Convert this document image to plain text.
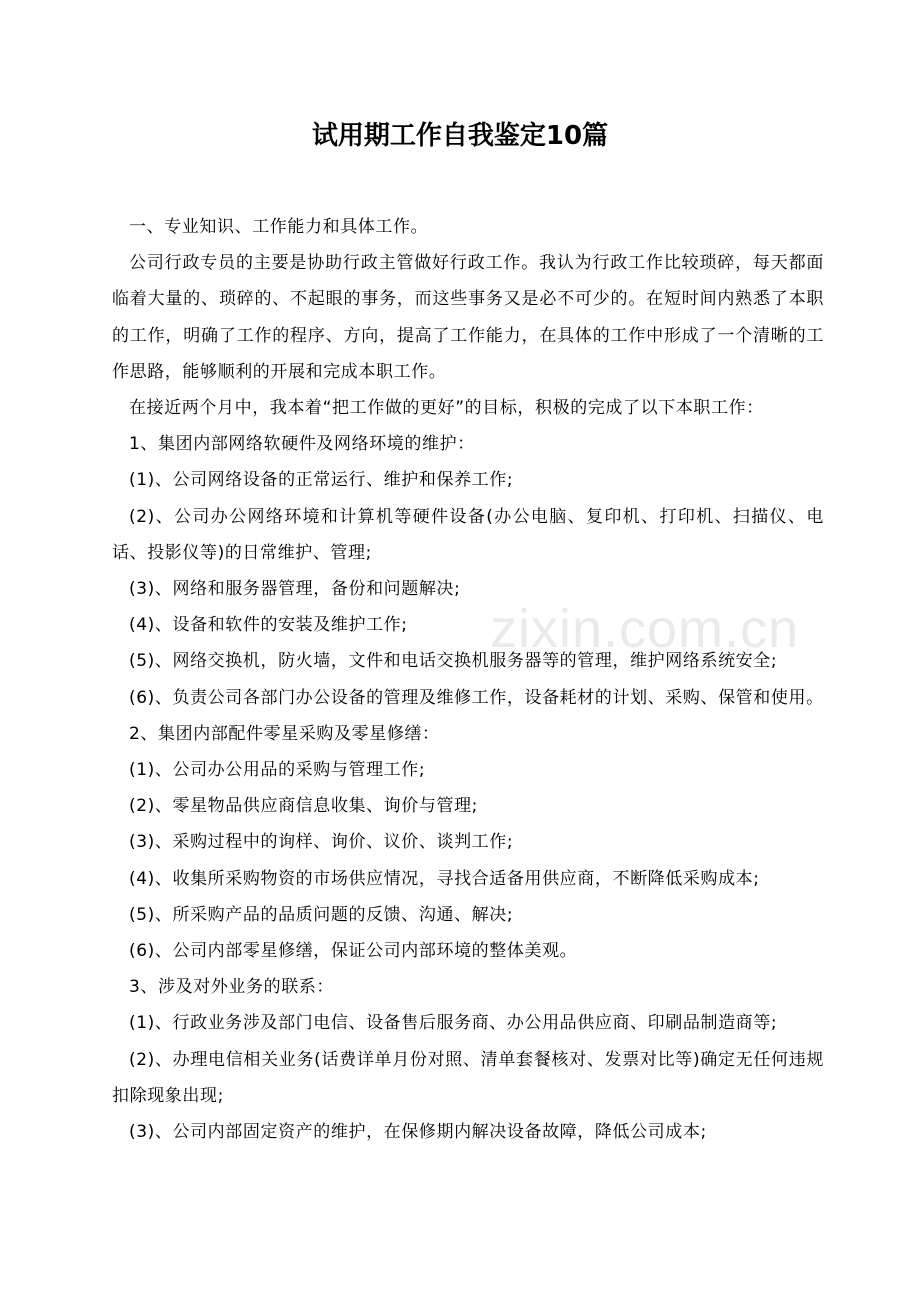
试用期工作自我鉴定10篇

一、专业知识、工作能力和具体工作。

公司行政专员的主要是协助行政主管做好行政工作。我认为行政工作比较琐碎，每天都面临着大量的、琐碎的、不起眼的事务，而这些事务又是必不可少的。在短时间内熟悉了本职的工作，明确了工作的程序、方向，提高了工作能力，在具体的工作中形成了一个清晰的工作思路，能够顺利的开展和完成本职工作。

在接近两个月中，我本着“把工作做的更好”的目标，积极的完成了以下本职工作：

1、集团内部网络软硬件及网络环境的维护：

(1)、公司网络设备的正常运行、维护和保养工作;

(2)、公司办公网络环境和计算机等硬件设备(办公电脑、复印机、打印机、扫描仪、电话、投影仪等)的日常维护、管理;

(3)、网络和服务器管理，备份和问题解决;

(4)、设备和软件的安装及维护工作;

(5)、网络交换机，防火墙，文件和电话交换机服务器等的管理，维护网络系统安全;

(6)、负责公司各部门办公设备的管理及维修工作，设备耗材的计划、采购、保管和使用。

2、集团内部配件零星采购及零星修缮：

(1)、公司办公用品的采购与管理工作;

(2)、零星物品供应商信息收集、询价与管理;

(3)、采购过程中的询样、询价、议价、谈判工作;

(4)、收集所采购物资的市场供应情况，寻找合适备用供应商，不断降低采购成本;

(5)、所采购产品的品质问题的反馈、沟通、解决;

(6)、公司内部零星修缮，保证公司内部环境的整体美观。

3、涉及对外业务的联系：

(1)、行政业务涉及部门电信、设备售后服务商、办公用品供应商、印刷品制造商等;

(2)、办理电信相关业务(话费详单月份对照、清单套餐核对、发票对比等)确定无任何违规扣除现象出现;

(3)、公司内部固定资产的维护，在保修期内解决设备故障，降低公司成本;

zixin.com.cn
